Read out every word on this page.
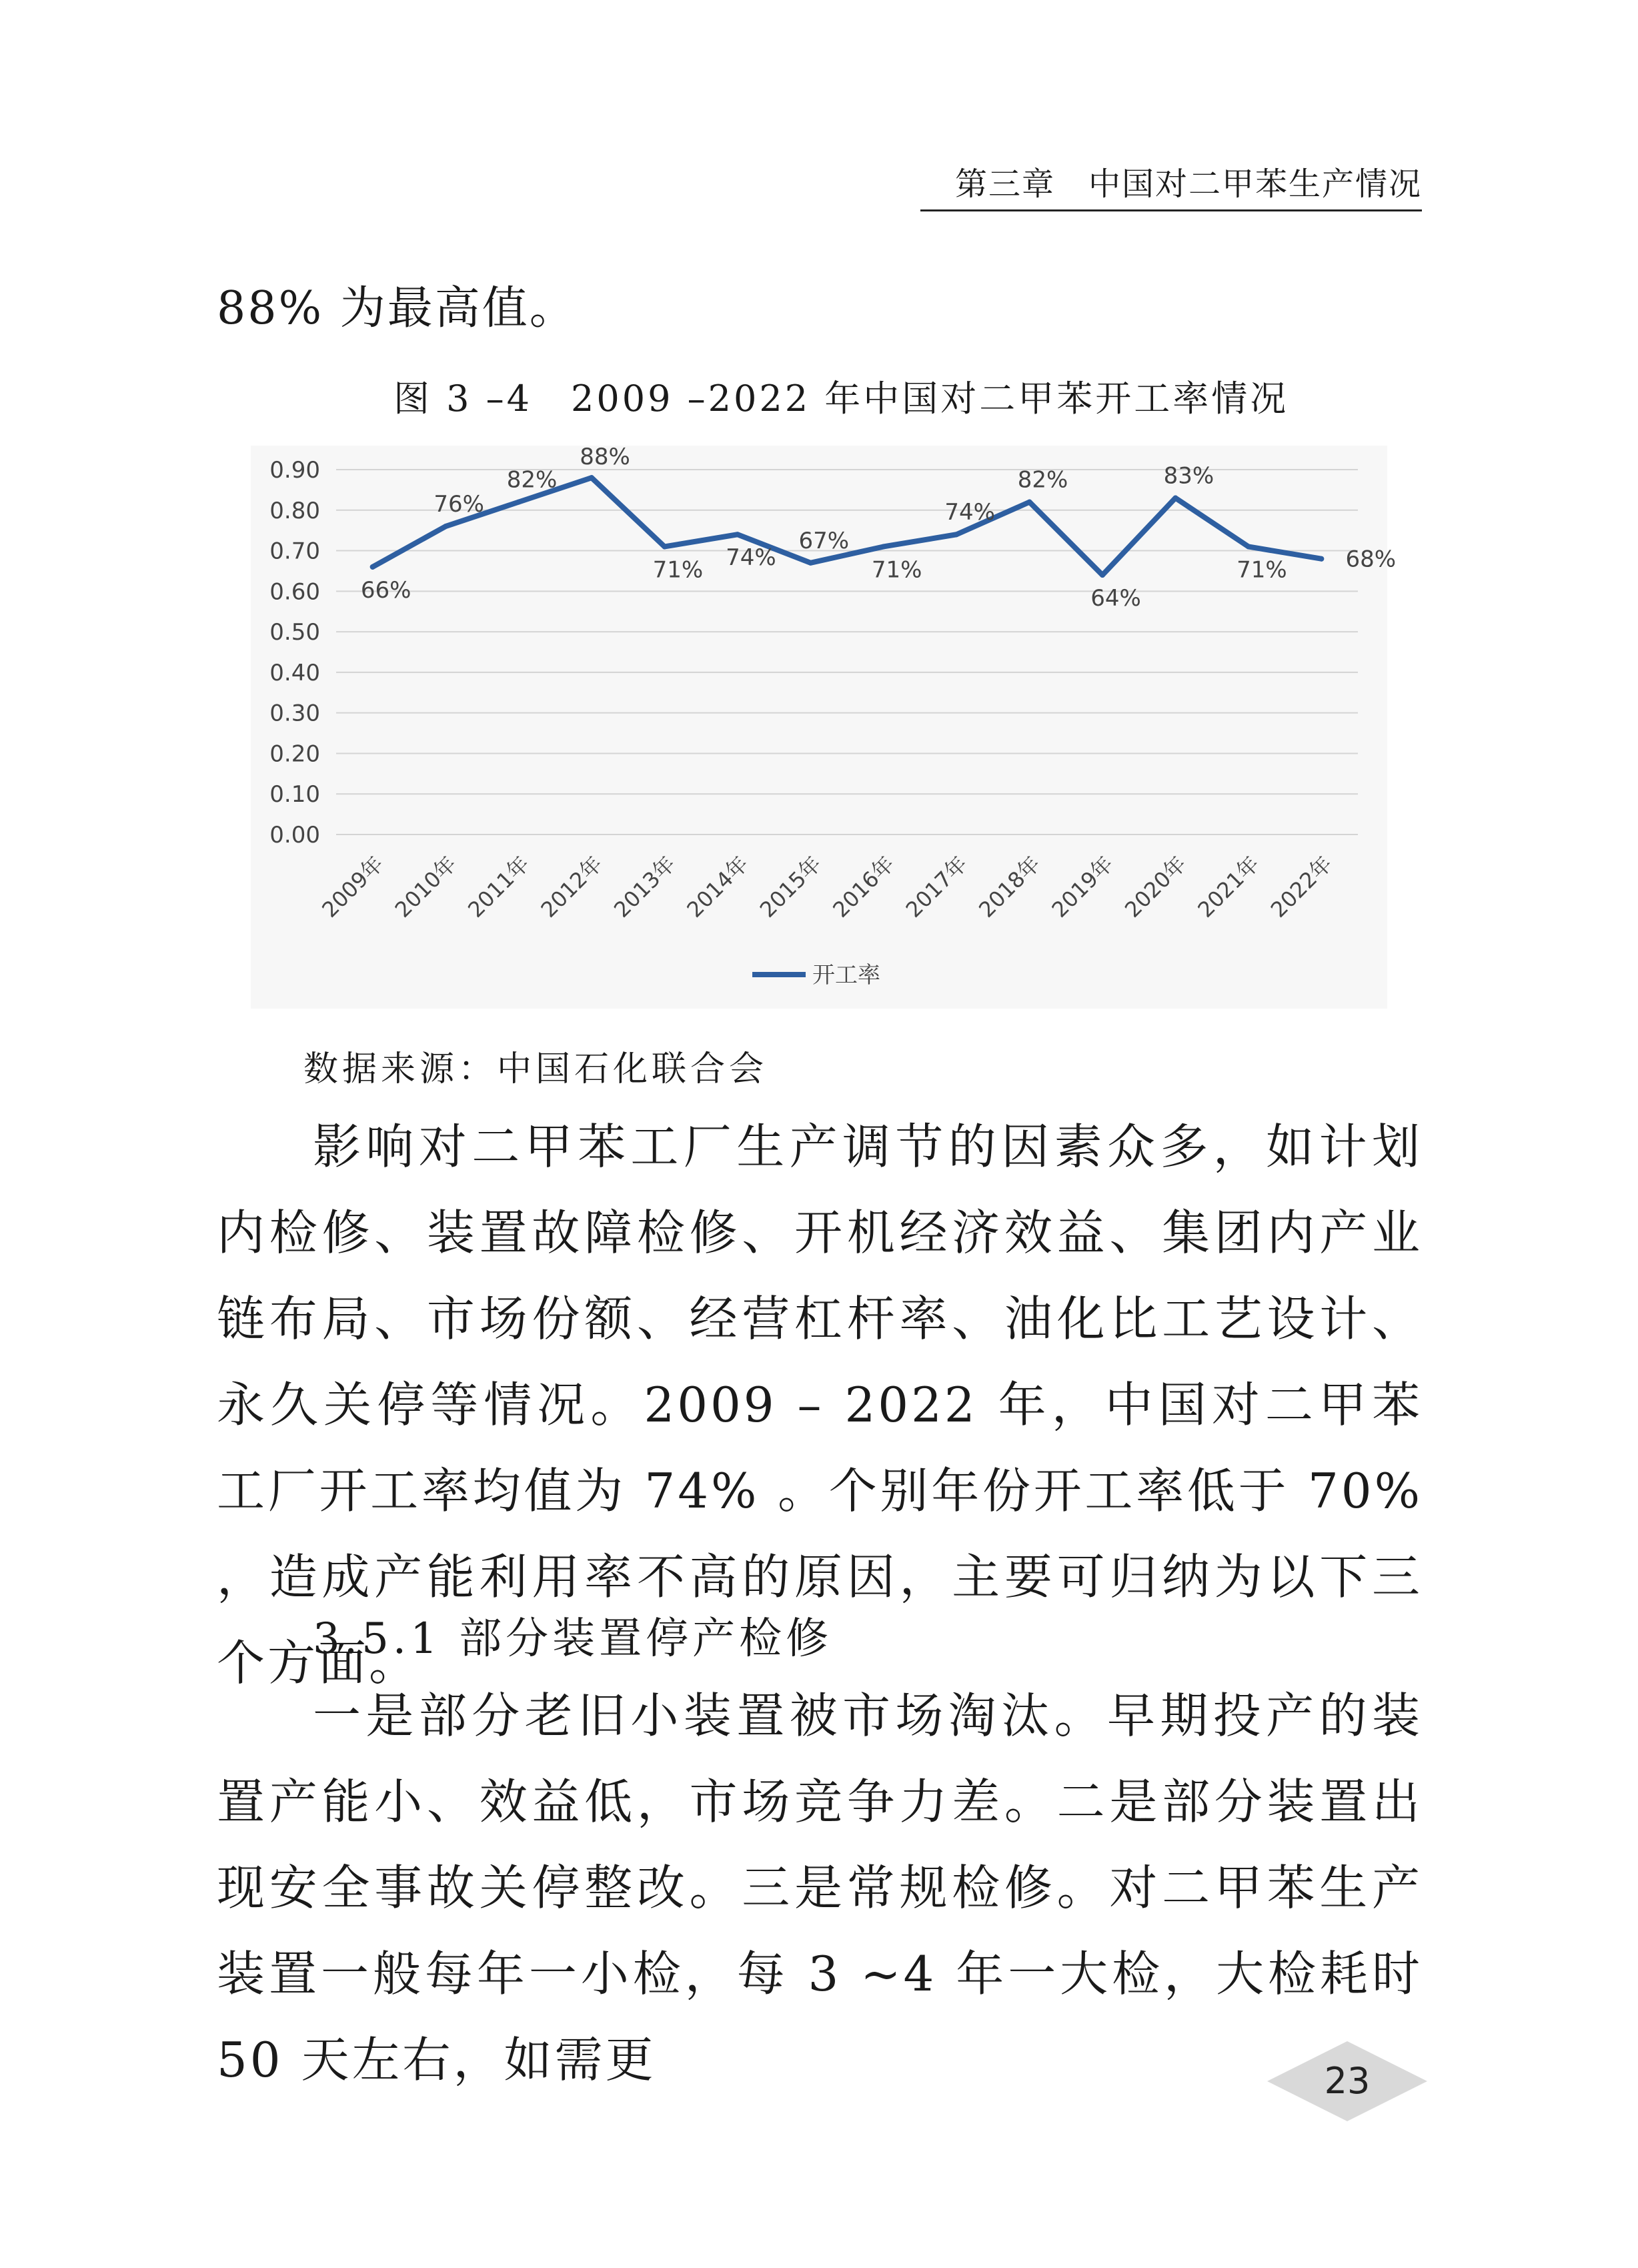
第三章　中国对二甲苯生产情况
88% 为最高值。
图 3 –4　2009 –2022 年中国对二甲苯开工率情况
0.00
0.10
0.20
0.30
0.40
0.50
0.60
0.70
0.80
0.90
2009年 2010年 2011年 2012年 2013年 2014年 2015年 2016年 2017年 2018年 2019年 2020年 2021年 2022年
66%
76%
82%
88%
71% 74%
67%
71%
74%
82%
64%
83%
71%	68%
开工率
数据来源：中国石化联合会

影响对二甲苯工厂生产调节的因素众多，如计划内检修、装置故障检修、开机经济效益、集团内产业链布局、市场份额、经营杠杆率、油化比工艺设计、永久关停等情况。2009 – 2022 年，中国对二甲苯工厂开工率均值为 74% 。个别年份开工率低于 70% ，造成产能利用率不高的原因，主要可归纳为以下三个方面。

3.5.1 部分装置停产检修

一是部分老旧小装置被市场淘汰。早期投产的装置产能小、效益低，市场竞争力差。二是部分装置出现安全事故关停整改。三是常规检修。对二甲苯生产装置一般每年一小检，每 3 ~4 年一大检，大检耗时 50 天左右，如需更	23
